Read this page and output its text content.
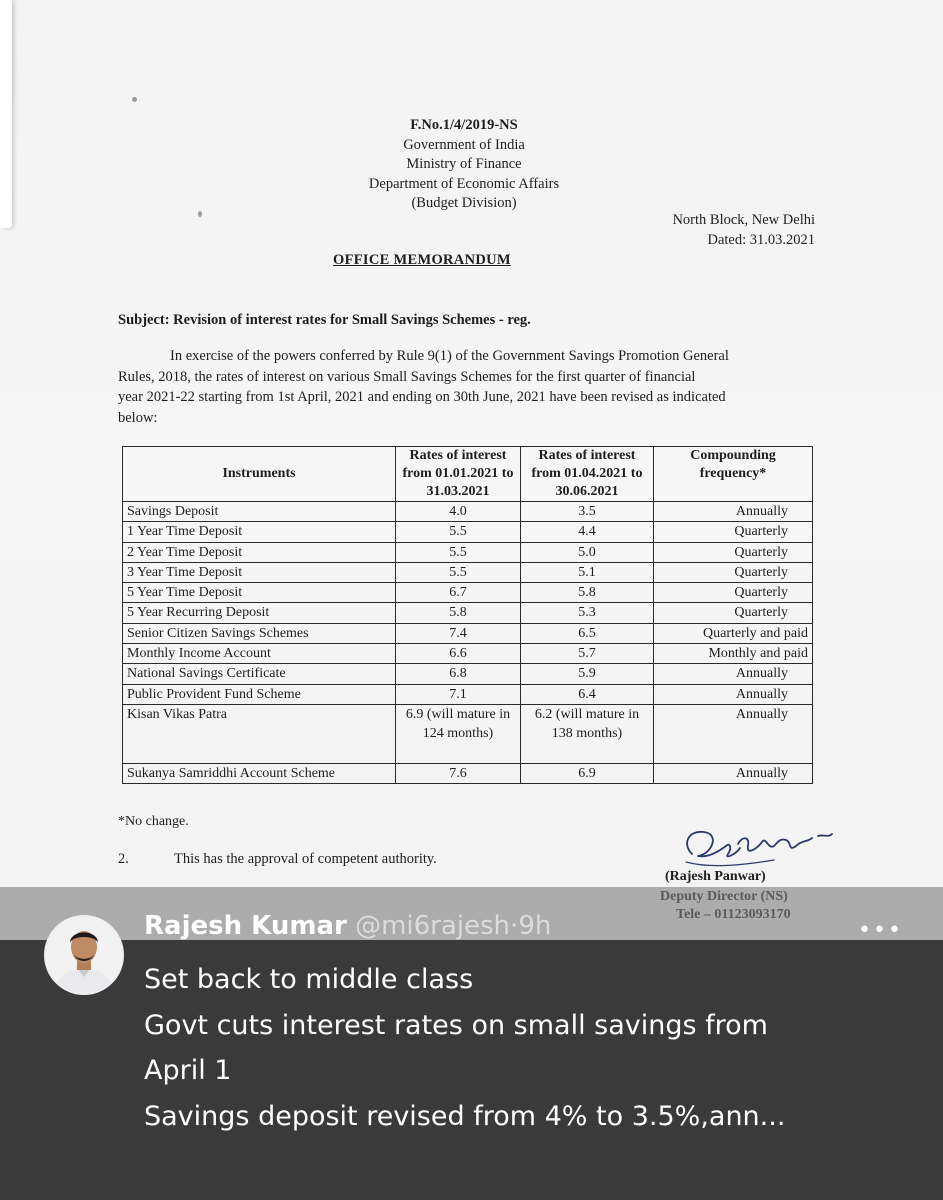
F.No.1/4/2019-NS
Government of India
Ministry of Finance
Department of Economic Affairs
(Budget Division)
North Block, New Delhi
Dated: 31.03.2021
OFFICE MEMORANDUM
Subject: Revision of interest rates for Small Savings Schemes - reg.
In exercise of the powers conferred by Rule 9(1) of the Government Savings Promotion General
Rules, 2018, the rates of interest on various Small Savings Schemes for the first quarter of financial
year 2021-22 starting from 1st April, 2021 and ending on 30th June, 2021 have been revised as indicated
below:
Instruments	Rates of interest from 01.01.2021 to 31.03.2021	Rates of interest from 01.04.2021 to 30.06.2021	Compounding frequency*
Savings Deposit	4.0	3.5	Annually
1 Year Time Deposit	5.5	4.4	Quarterly
2 Year Time Deposit	5.5	5.0	Quarterly
3 Year Time Deposit	5.5	5.1	Quarterly
5 Year Time Deposit	6.7	5.8	Quarterly
5 Year Recurring Deposit	5.8	5.3	Quarterly
Senior Citizen Savings Schemes	7.4	6.5	Quarterly and paid
Monthly Income Account	6.6	5.7	Monthly and paid
National Savings Certificate	6.8	5.9	Annually
Public Provident Fund Scheme	7.1	6.4	Annually
Kisan Vikas Patra	6.9 (will mature in 124 months)	6.2 (will mature in 138 months)	Annually
Sukanya Samriddhi Account Scheme	7.6	6.9	Annually
*No change.
2.	This has the approval of competent authority.
(Rajesh Panwar)
Rajesh Kumar @mi6rajesh·9h	•••
Set back to middle class
Govt cuts interest rates on small savings from
April 1
Savings deposit revised from 4% to 3.5%,ann...
